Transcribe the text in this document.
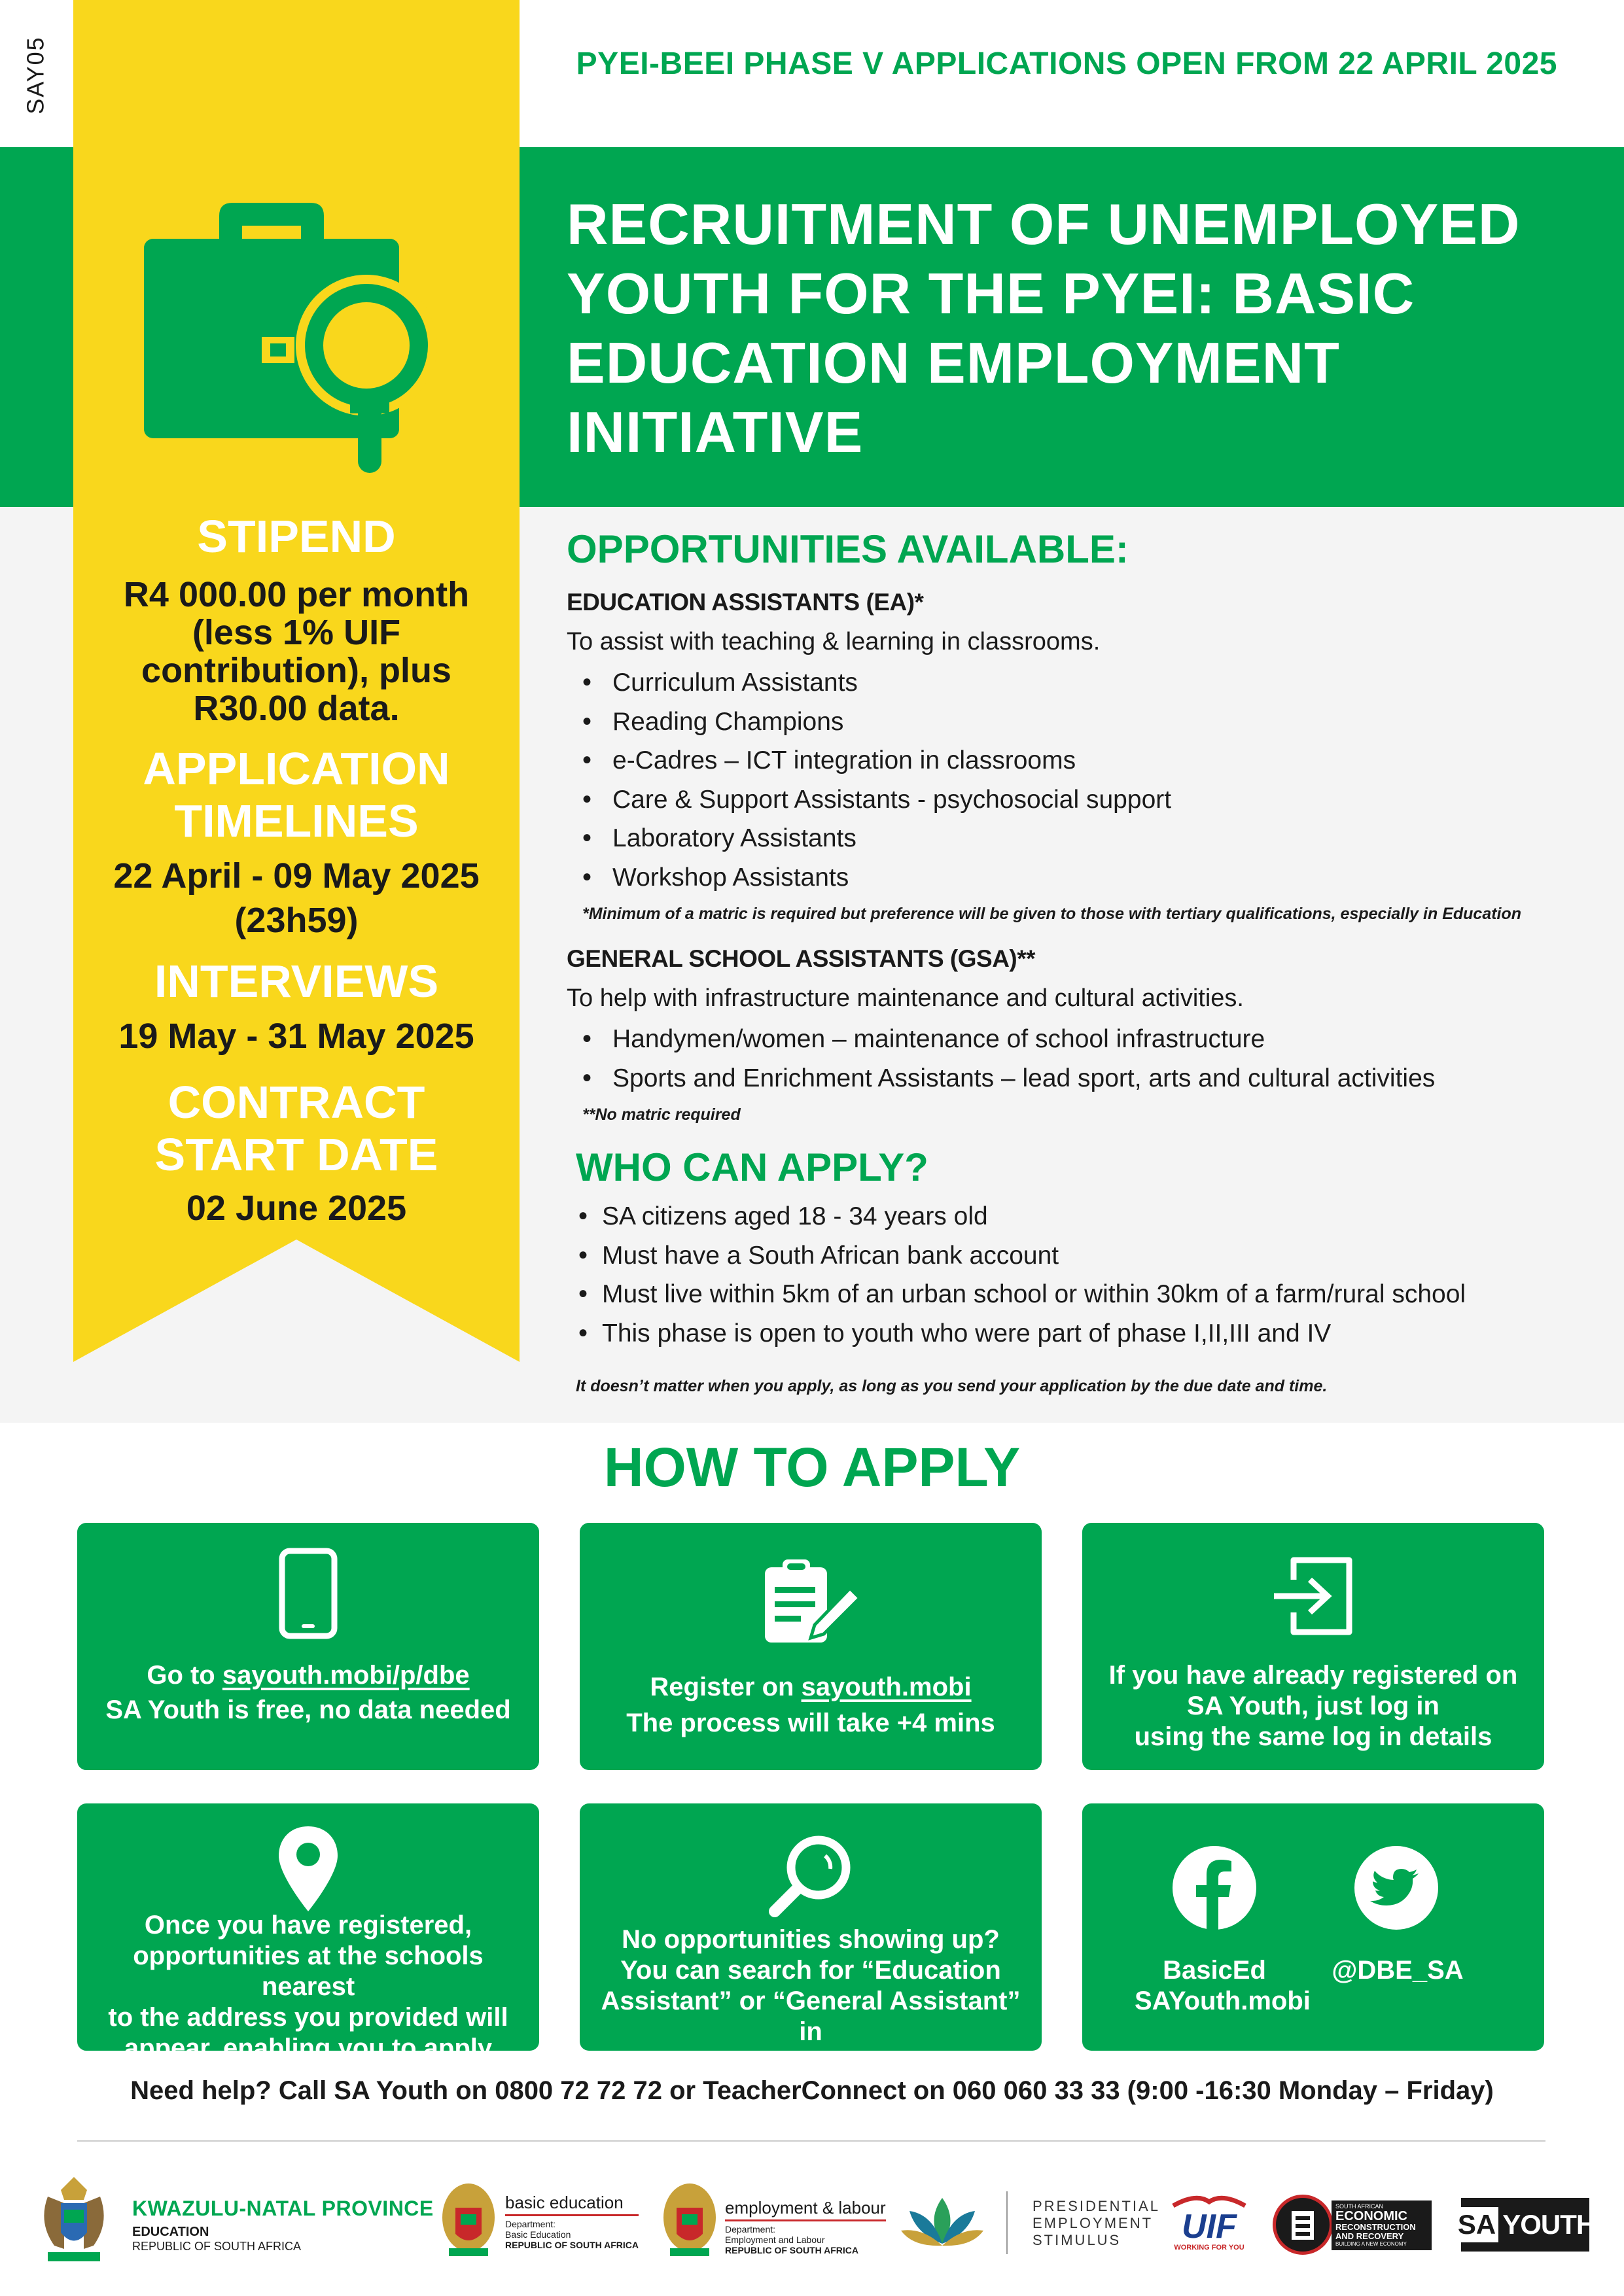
SAY05	PYEI-BEEI PHASE V APPLICATIONS OPEN FROM 22 APRIL 2025
RECRUITMENT OF UNEMPLOYED
YOUTH FOR THE PYEI: BASIC
EDUCATION EMPLOYMENT
INITIATIVE
STIPEND
R4 000.00 per month
(less 1% UIF
contribution), plus
R30.00 data.
APPLICATION
TIMELINES
22 April - 09 May 2025
(23h59)
INTERVIEWS
19 May - 31 May 2025
CONTRACT
START DATE
02 June 2025
OPPORTUNITIES AVAILABLE:
EDUCATION ASSISTANTS (EA)*
To assist with teaching & learning in classrooms.
• Curriculum Assistants
• Reading Champions
• e-Cadres – ICT integration in classrooms
• Care & Support Assistants - psychosocial support
• Laboratory Assistants
• Workshop Assistants
*Minimum of a matric is required but preference will be given to those with tertiary qualifications, especially in Education
GENERAL SCHOOL ASSISTANTS (GSA)**
To help with infrastructure maintenance and cultural activities.
• Handymen/women – maintenance of school infrastructure
• Sports and Enrichment Assistants – lead sport, arts and cultural activities
**No matric required
WHO CAN APPLY?
• SA citizens aged 18 - 34 years old
• Must have a South African bank account
• Must live within 5km of an urban school or within 30km of a farm/rural school
• This phase is open to youth who were part of phase I,II,III and IV
It doesn’t matter when you apply, as long as you send your application by the due date and time.
HOW TO APPLY
Go to sayouth.mobi/p/dbe
SA Youth is free, no data needed
Register on sayouth.mobi
The process will take +4 mins
If you have already registered on
SA Youth, just log in
using the same log in details
Once you have registered,
opportunities at the schools nearest
to the address you provided will
appear, enabling you to apply
No opportunities showing up?
You can search for “Education
Assistant” or “General Assistant” in
the search box
BasicEd
SAYouth.mobi
@DBE_SA
Need help? Call SA Youth on 0800 72 72 72 or TeacherConnect on 060 060 33 33 (9:00 -16:30 Monday – Friday)
KWAZULU-NATAL PROVINCE
EDUCATION
REPUBLIC OF SOUTH AFRICA
basic education
Department:
Basic Education
REPUBLIC OF SOUTH AFRICA
employment & labour
Department:
Employment and Labour
REPUBLIC OF SOUTH AFRICA
PRESIDENTIAL
EMPLOYMENT
STIMULUS	UIF
WORKING FOR YOU
SOUTH AFRICAN
ECONOMIC
RECONSTRUCTION
AND RECOVERY
BUILDING A NEW ECONOMY
SA YOUTH
